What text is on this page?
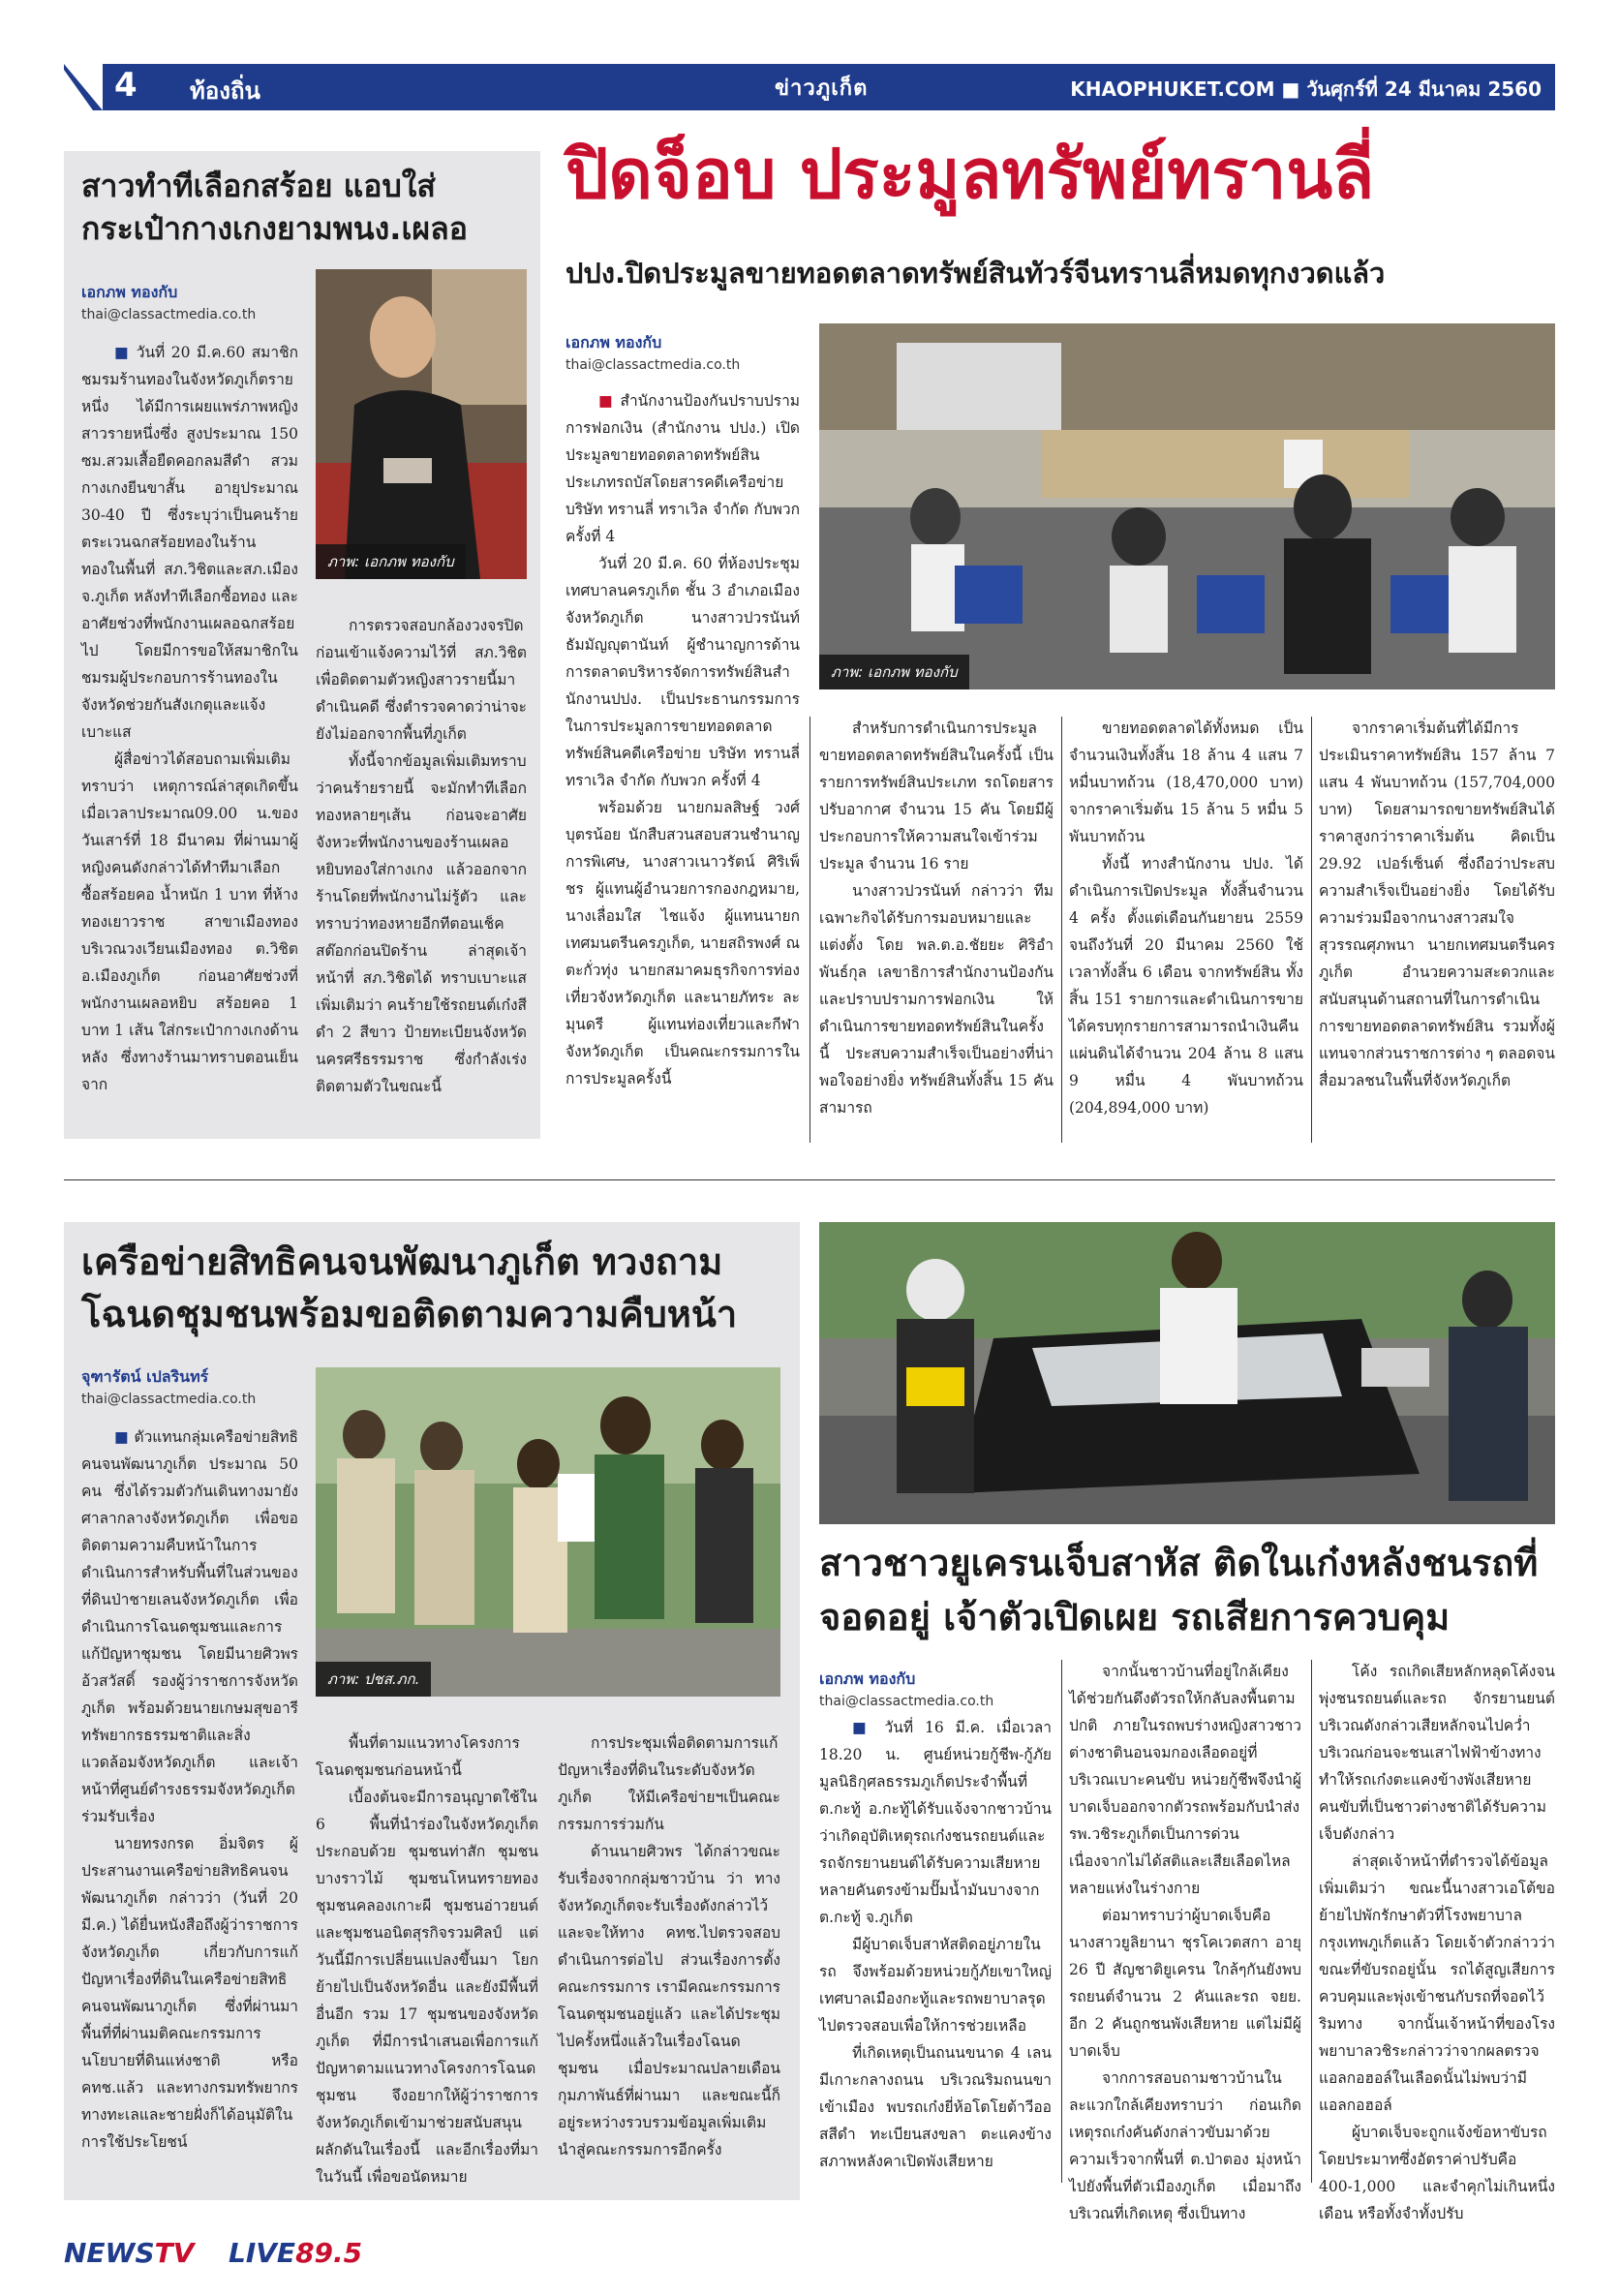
4 ท้องถิ่น	ข่าวภูเก็ต	KHAOPHUKET.COM ■ วันศุกร์ที่ 24 มีนาคม 2560
สาวทำทีเลือกสร้อย แอบใส่ กระเป๋ากางเกงยามพนง.เผลอ
เอกภพ ทองกับ
thai@classactmedia.co.th
ภาพ: เอกภพ ทองกับ

■ วันที่ 20 มี.ค.60 สมาชิกชมรมร้านทองในจังหวัดภูเก็ตรายหนึ่ง ได้มีการเผยแพร่ภาพหญิงสาวรายหนึ่งซึ่ง สูงประมาณ 150 ซม.สวมเสื้อยืดคอกลมสีดำ สวมกางเกงยีนขาสั้น อายุประมาณ 30-40 ปี ซึ่งระบุว่าเป็นคนร้ายตระเวนฉกสร้อยทองในร้านทองในพื้นที่ สภ.วิชิตและสภ.เมืองจ.ภูเก็ต หลังทำทีเลือกซื้อทอง และอาศัยช่วงที่พนักงานเผลอฉกสร้อยไป โดยมีการขอให้สมาชิกในชมรมผู้ประกอบการร้านทองในจังหวัดช่วยกันสังเกตุและแจ้งเบาะแส

ผู้สื่อข่าวได้สอบถามเพิ่มเติมทราบว่า เหตุการณ์ล่าสุดเกิดขึ้นเมื่อเวลาประมาณ09.00 น.ของ วันเสาร์ที่ 18 มีนาคม ที่ผ่านมาผู้หญิงคนดังกล่าวได้ทำทีมาเลือกซื้อสร้อยคอ น้ำหนัก 1 บาท ที่ห้างทองเยาวราช สาขาเมืองทอง บริเวณวงเวียนเมืองทอง ต.วิชิต อ.เมืองภูเก็ต ก่อนอาศัยช่วงที่พนักงานเผลอหยิบ สร้อยคอ 1 บาท 1 เส้น ใส่กระเป๋ากางเกงด้านหลัง ซึ่งทางร้านมาทราบตอนเย็น จาก

การตรวจสอบกล้องวงจรปิด ก่อนเข้าแจ้งความไว้ที่ สภ.วิชิต เพื่อติดตามตัวหญิงสาวรายนี้มาดำเนินคดี ซึ่งตำรวจคาดว่าน่าจะยังไม่ออกจากพื้นที่ภูเก็ต

ทั้งนี้จากข้อมูลเพิ่มเติมทราบว่าคนร้ายรายนี้ จะมักทำทีเลือกทองหลายๆเส้น ก่อนจะอาศัยจังหวะที่พนักงานของร้านเผลอหยิบทองใส่กางเกง แล้วออกจากร้านโดยที่พนักงานไม่รู้ตัว และทราบว่าทองหายอีกทีตอนเช็คสต๊อกก่อนปิดร้าน ล่าสุดเจ้าหน้าที่ สภ.วิชิตได้ ทราบเบาะแสเพิ่มเติมว่า คนร้ายใช้รถยนต์เก๋งสีดำ 2 สีขาว ป้ายทะเบียนจังหวัดนครศรีธรรมราช ซึ่งกำลังเร่งติดตามตัวในขณะนี้

ปิดจ็อบ ประมูลทรัพย์ทรานลี่
ปปง.ปิดประมูลขายทอดตลาดทรัพย์สินทัวร์จีนทรานลี่หมดทุกงวดแล้ว
เอกภพ ทองกับ
thai@classactmedia.co.th
ภาพ: เอกภพ ทองกับ

■ สำนักงานป้องกันปราบปรามการฟอกเงิน (สำนักงาน ปปง.) เปิดประมูลขายทอดตลาดทรัพย์สินประเภทรถบัสโดยสารคดีเครือข่าย บริษัท ทรานลี่ ทราเวิล จำกัด กับพวก ครั้งที่ 4

วันที่ 20 มี.ค. 60 ที่ห้องประชุมเทศบาลนครภูเก็ต ชั้น 3 อำเภอเมือง จังหวัดภูเก็ต นางสาวปวรนันท์ ธัมมัญญุตานันท์ ผู้ชำนาญการด้านการตลาดบริหารจัดการทรัพย์สินสำนักงานปปง. เป็นประธานกรรมการในการประมูลการขายทอดตลาดทรัพย์สินคดีเครือข่าย บริษัท ทรานลี่ ทราเวิล จำกัด กับพวก ครั้งที่ 4

พร้อมด้วย นายกมลสิษฐ์ วงศ์บุตรน้อย นักสืบสวนสอบสวนชำนาญการพิเศษ, นางสาวเนาวรัตน์ ศิริเพ็ชร ผู้แทนผู้อำนวยการกองกฎหมาย, นางเลื่อมใส ไชแจ้ง ผู้แทนนายกเทศมนตรีนครภูเก็ต, นายสถิรพงศ์ ณ ตะกั่วทุ่ง นายกสมาคมธุรกิจการท่องเที่ยวจังหวัดภูเก็ต และนายภัทระ ละมุนดรี ผู้แทนท่องเที่ยวและกีฬาจังหวัดภูเก็ต เป็นคณะกรรมการในการประมูลครั้งนี้

สำหรับการดำเนินการประมูลขายทอดตลาดทรัพย์สินในครั้งนี้ เป็นรายการทรัพย์สินประเภท รถโดยสารปรับอากาศ จำนวน 15 คัน โดยมีผู้ประกอบการให้ความสนใจเข้าร่วมประมูล จำนวน 16 ราย

นางสาวปวรนันท์ กล่าวว่า ทีมเฉพาะกิจได้รับการมอบหมายและแต่งตั้ง โดย พล.ต.อ.ชัยยะ ศิริอำพันธ์กุล เลขาธิการสำนักงานป้องกันและปราบปรามการฟอกเงิน ให้ดำเนินการขายทอดทรัพย์สินในครั้งนี้ ประสบความสำเร็จเป็นอย่างที่น่าพอใจอย่างยิ่ง ทรัพย์สินทั้งสิ้น 15 คัน สามารถ

ขายทอดตลาดได้ทั้งหมด เป็นจำนวนเงินทั้งสิ้น 18 ล้าน 4 แสน 7 หมื่นบาทถ้วน (18,470,000 บาท) จากราคาเริ่มต้น 15 ล้าน 5 หมื่น 5 พันบาทถ้วน

ทั้งนี้ ทางสำนักงาน ปปง. ได้ดำเนินการเปิดประมูล ทั้งสิ้นจำนวน 4 ครั้ง ตั้งแต่เดือนกันยายน 2559 จนถึงวันที่ 20 มีนาคม 2560 ใช้เวลาทั้งสิ้น 6 เดือน จากทรัพย์สิน ทั้งสิ้น 151 รายการและดำเนินการขายได้ครบทุกรายการสามารถนำเงินคืนแผ่นดินได้จำนวน 204 ล้าน 8 แสน 9 หมื่น 4 พันบาทถ้วน (204,894,000 บาท)

จากราคาเริ่มต้นที่ได้มีการประเมินราคาทรัพย์สิน 157 ล้าน 7 แสน 4 พันบาทถ้วน (157,704,000 บาท) โดยสามารถขายทรัพย์สินได้ราคาสูงกว่าราคาเริ่มต้น คิดเป็น 29.92 เปอร์เซ็นต์ ซึ่งถือว่าประสบความสำเร็จเป็นอย่างยิ่ง โดยได้รับความร่วมมือจากนางสาวสมใจ สุวรรณศุภพนา นายกเทศมนตรีนครภูเก็ต อำนวยความสะดวกและสนับสนุนด้านสถานที่ในการดำเนินการขายทอดตลาดทรัพย์สิน รวมทั้งผู้แทนจากส่วนราชการต่าง ๆ ตลอดจนสื่อมวลชนในพื้นที่จังหวัดภูเก็ต

เครือข่ายสิทธิคนจนพัฒนาภูเก็ต ทวงถาม โฉนดชุมชนพร้อมขอติดตามความคืบหน้า
จุฑารัตน์ เปลรินทร์
thai@classactmedia.co.th
ภาพ: ปชส.ภก.

■ ตัวแทนกลุ่มเครือข่ายสิทธิคนจนพัฒนาภูเก็ต ประมาณ 50 คน ซึ่งได้รวมตัวกันเดินทางมายังศาลากลางจังหวัดภูเก็ต เพื่อขอติดตามความคืบหน้าในการดำเนินการสำหรับพื้นที่ในส่วนของที่ดินป่าชายเลนจังหวัดภูเก็ต เพื่อดำเนินการโฉนดชุมชนและการแก้ปัญหาชุมชน โดยมีนายศิวพรอ้วสวัสดิ์ รองผู้ว่าราชการจังหวัดภูเก็ต พร้อมด้วยนายเกษมสุขอารี ทรัพยากรธรรมชาติและสิ่งแวดล้อมจังหวัดภูเก็ต และเจ้าหน้าที่ศูนย์ดำรงธรรมจังหวัดภูเก็ต ร่วมรับเรื่อง

นายทรงกรด อิ่มจิตร ผู้ประสานงานเครือข่ายสิทธิคนจนพัฒนาภูเก็ต กล่าวว่า (วันที่ 20 มี.ค.) ได้ยื่นหนังสือถึงผู้ว่าราชการจังหวัดภูเก็ต เกี่ยวกับการแก้ปัญหาเรื่องที่ดินในเครือข่ายสิทธิคนจนพัฒนาภูเก็ต ซึ่งที่ผ่านมาพื้นที่ที่ผ่านมติคณะกรรมการนโยบายที่ดินแห่งชาติ หรือ คทช.แล้ว และทางกรมทรัพยากรทางทะเลและชายฝั่งก็ได้อนุมัติในการใช้ประโยชน์

พื้นที่ตามแนวทางโครงการโฉนดชุมชนก่อนหน้านี้

เบื้องต้นจะมีการอนุญาตใช้ใน 6 พื้นที่นำร่องในจังหวัดภูเก็ต ประกอบด้วย ชุมชนท่าสัก ชุมชนบางราวไม้ ชุมชนโหนทรายทองชุมชนคลองเกาะผี ชุมชนอ่าวยนต์และชุมชนอนิตสุรกิจรวมศิลป์ แต่วันนี้มีการเปลี่ยนแปลงขึ้นมา โยกย้ายไปเป็นจังหวัดอื่น และยังมีพื้นที่อื่นอีก รวม 17 ชุมชนของจังหวัดภูเก็ต ที่มีการนำเสนอเพื่อการแก้ปัญหาตามแนวทางโครงการโฉนดชุมชน จึงอยากให้ผู้ว่าราชการจังหวัดภูเก็ตเข้ามาช่วยสนับสนุนผลักดันในเรื่องนี้ และอีกเรื่องที่มาในวันนี้ เพื่อขอนัดหมาย

การประชุมเพื่อติดตามการแก้ปัญหาเรื่องที่ดินในระดับจังหวัดภูเก็ต ให้มีเครือข่ายฯเป็นคณะกรรมการร่วมกัน

ด้านนายศิวพร ได้กล่าวขณะรับเรื่องจากกลุ่มชาวบ้าน ว่า ทางจังหวัดภูเก็ตจะรับเรื่องดังกล่าวไว้ และจะให้ทาง คทช.ไปตรวจสอบดำเนินการต่อไป ส่วนเรื่องการตั้งคณะกรรมการ เรามีคณะกรรมการโฉนดชุมชนอยู่แล้ว และได้ประชุมไปครั้งหนึ่งแล้วในเรื่องโฉนดชุมชน เมื่อประมาณปลายเดือนกุมภาพันธ์ที่ผ่านมา และขณะนี้ก็อยู่ระหว่างรวบรวมข้อมูลเพิ่มเติมนำสู่คณะกรรมการอีกครั้ง

สาวชาวยูเครนเจ็บสาหัส ติดในเก๋งหลังชนรถที่จอดอยู่ เจ้าตัวเปิดเผย รถเสียการควบคุม
เอกภพ ทองกับ
thai@classactmedia.co.th

■ วันที่ 16 มี.ค. เมื่อเวลา 18.20 น. ศูนย์หน่วยกู้ชีพ-กู้ภัยมูลนิธิกุศลธรรมภูเก็ตประจำพื้นที่ ต.กะทู้ อ.กะทู้ได้รับแจ้งจากชาวบ้านว่าเกิดอุบัติเหตุรถเก๋งชนรถยนต์และรถจักรยานยนต์ได้รับความเสียหายหลายคันตรงข้ามปั๊มน้ำมันบางจาก ต.กะทู้ จ.ภูเก็ต

มีผู้บาดเจ็บสาหัสติดอยู่ภายในรถ จึงพร้อมด้วยหน่วยกู้ภัยเขาใหญ่ เทศบาลเมืองกะทู้และรถพยาบาลรุดไปตรวจสอบเพื่อให้การช่วยเหลือ

ที่เกิดเหตุเป็นถนนขนาด 4 เลน มีเกาะกลางถนน บริเวณริมถนนขาเข้าเมือง พบรถเก๋งยี่ห้อโตโยต้าวีออสสีดำ ทะเบียนสงขลา ตะแคงข้าง สภาพหลังคาเปิดพังเสียหาย

จากนั้นชาวบ้านที่อยู่ใกล้เคียงได้ช่วยกันดึงตัวรถให้กลับลงพื้นตามปกติ ภายในรถพบร่างหญิงสาวชาวต่างชาตินอนจมกองเลือดอยู่ที่บริเวณเบาะคนขับ หน่วยกู้ชีพจึงนำผู้บาดเจ็บออกจากตัวรถพร้อมกับนำส่ง รพ.วชิระภูเก็ตเป็นการด่วน เนื่องจากไม่ได้สติและเสียเลือดไหลหลายแห่งในร่างกาย

ต่อมาทราบว่าผู้บาดเจ็บคือ นางสาวยูลิยานา ชุรโคเวตสกา อายุ 26 ปี สัญชาติยูเครน ใกล้ๆกันยังพบรถยนต์จำนวน 2 คันและรถ จยย. อีก 2 คันถูกชนพังเสียหาย แต่ไม่มีผู้บาดเจ็บ

จากการสอบถามชาวบ้านในละแวกใกล้เคียงทราบว่า ก่อนเกิดเหตุรถเก๋งคันดังกล่าวขับมาด้วยความเร็วจากพื้นที่ ต.ป่าตอง มุ่งหน้าไปยังพื้นที่ตัวเมืองภูเก็ต เมื่อมาถึงบริเวณที่เกิดเหตุ ซึ่งเป็นทาง

โค้ง รถเกิดเสียหลักหลุดโค้งจนพุ่งชนรถยนต์และรถ จักรยานยนต์บริเวณดังกล่าวเสียหลักจนไปคว่ำบริเวณก่อนจะชนเสาไฟฟ้าข้างทาง ทำให้รถเก๋งตะแคงข้างพังเสียหาย คนขับที่เป็นชาวต่างชาติได้รับความเจ็บดังกล่าว

ล่าสุดเจ้าหน้าที่ตำรวจได้ข้อมูลเพิ่มเติมว่า ขณะนี้นางสาวเอโต้ขอย้ายไปพักรักษาตัวที่โรงพยาบาลกรุงเทพภูเก็ตแล้ว โดยเจ้าตัวกล่าวว่าขณะที่ขับรถอยู่นั้น รถได้สูญเสียการควบคุมและพุ่งเข้าชนกับรถที่จอดไว้ริมทาง จากนั้นเจ้าหน้าที่ของโรงพยาบาลวชิระกล่าวว่าจากผลตรวจแอลกอฮอล์ในเลือดนั้นไม่พบว่ามีแอลกอฮอล์

ผู้บาดเจ็บจะถูกแจ้งข้อหาขับรถโดยประมาทซึ่งอัตราค่าปรับคือ 400-1,000 และจำคุกไม่เกินหนึ่งเดือน หรือทั้งจำทั้งปรับ

NEWSTV LIVE89.5
